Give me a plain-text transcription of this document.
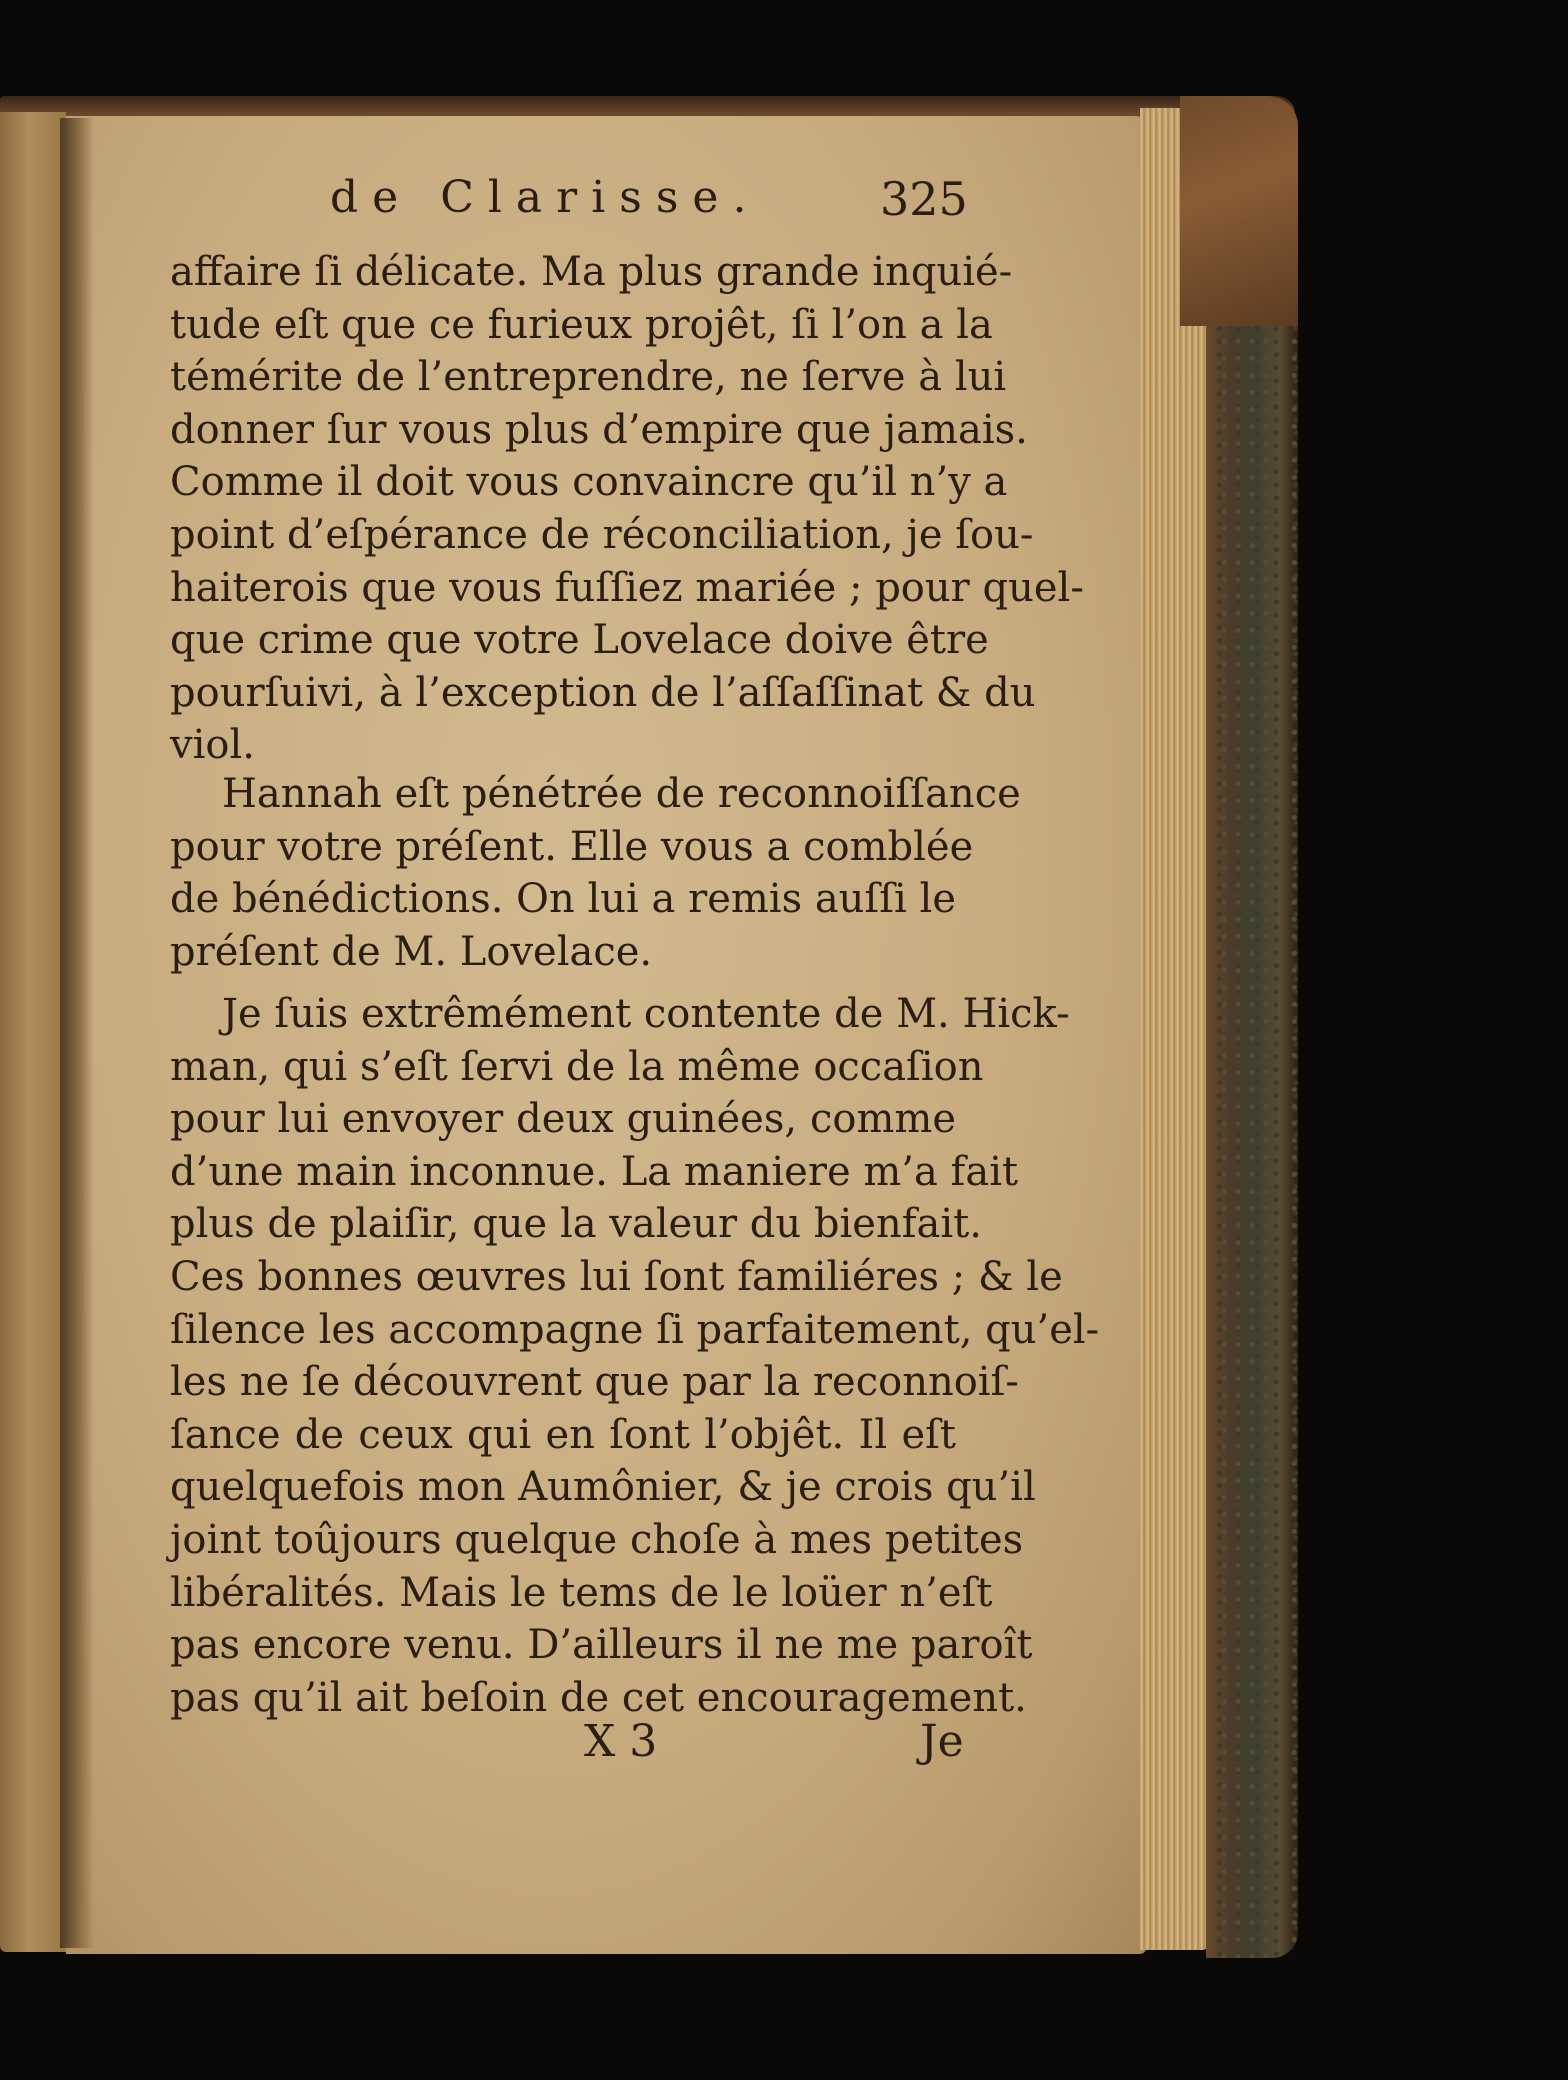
de Clarisse.	325
affaire ſi délicate. Ma plus grande inquié-
tude eſt que ce furieux projêt, ſi l’on a la
témérite de l’entreprendre, ne ſerve à lui
donner ſur vous plus d’empire que jamais.
Comme il doit vous convaincre qu’il n’y a
point d’eſpérance de réconciliation, je ſou-
haiterois que vous fuſſiez mariée ; pour quel-
que crime que votre Lovelace doive être
pourſuivi, à l’exception de l’aſſaſſinat & du
viol.
Hannah eſt pénétrée de reconnoiſſance
pour votre préſent. Elle vous a comblée
de bénédictions. On lui a remis auſſi le
préſent de M. Lovelace.
Je ſuis extrêmément contente de M. Hick-
man, qui s’eſt ſervi de la même occaſion
pour lui envoyer deux guinées, comme
d’une main inconnue. La maniere m’a fait
plus de plaiſir, que la valeur du bienfait.
Ces bonnes œuvres lui ſont familiéres ; & le
ſilence les accompagne ſi parfaitement, qu’el-
les ne ſe découvrent que par la reconnoiſ-
ſance de ceux qui en ſont l’objêt. Il eſt
quelquefois mon Aumônier, & je crois qu’il
joint toûjours quelque choſe à mes petites
libéralités. Mais le tems de le loüer n’eſt
pas encore venu. D’ailleurs il ne me paroît
pas qu’il ait beſoin de cet encouragement.
X 3	Je
